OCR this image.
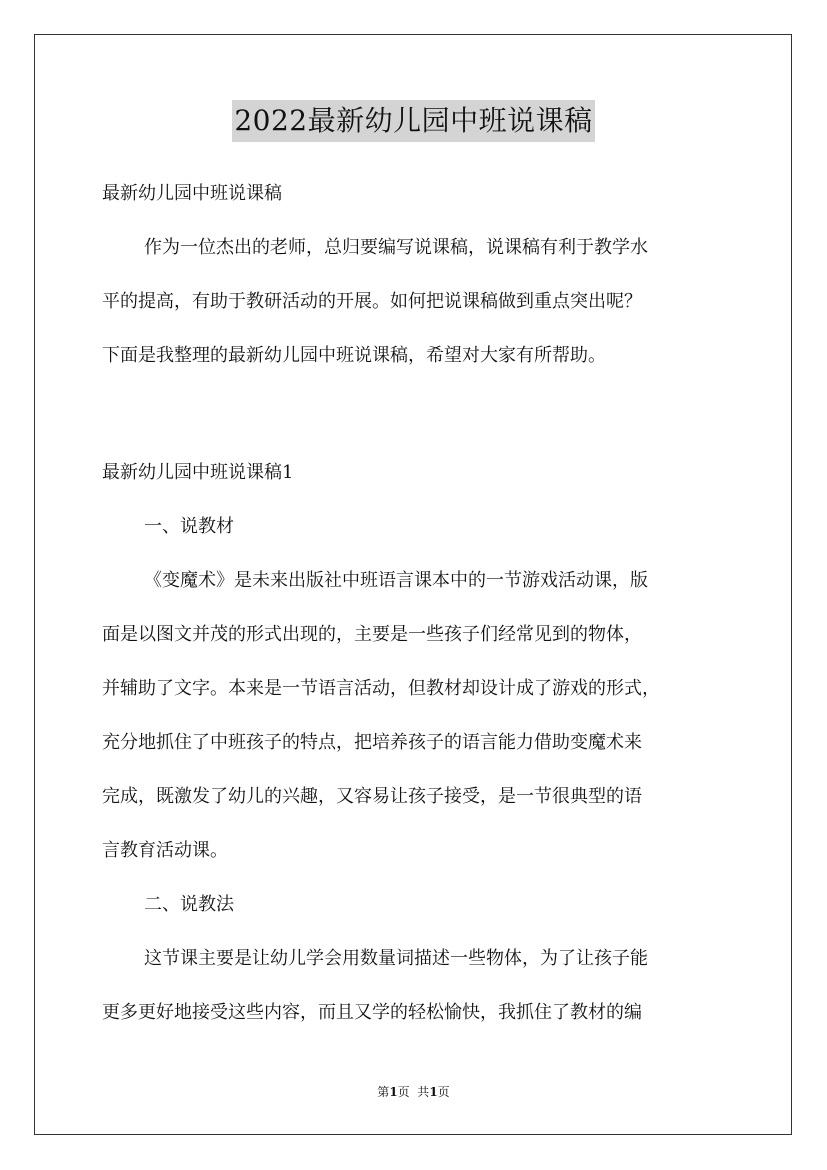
2022最新幼儿园中班说课稿

最新幼儿园中班说课稿

作为一位杰出的老师，总归要编写说课稿，说课稿有利于教学水

平的提高，有助于教研活动的开展。如何把说课稿做到重点突出呢？

下面是我整理的最新幼儿园中班说课稿，希望对大家有所帮助。

最新幼儿园中班说课稿1

一、说教材

《变魔术》是未来出版社中班语言课本中的一节游戏活动课，版

面是以图文并茂的形式出现的，主要是一些孩子们经常见到的物体，

并辅助了文字。本来是一节语言活动，但教材却设计成了游戏的形式，

充分地抓住了中班孩子的特点，把培养孩子的语言能力借助变魔术来

完成，既激发了幼儿的兴趣，又容易让孩子接受，是一节很典型的语

言教育活动课。

二、说教法

这节课主要是让幼儿学会用数量词描述一些物体，为了让孩子能

更多更好地接受这些内容，而且又学的轻松愉快，我抓住了教材的编

第1页  共1页
